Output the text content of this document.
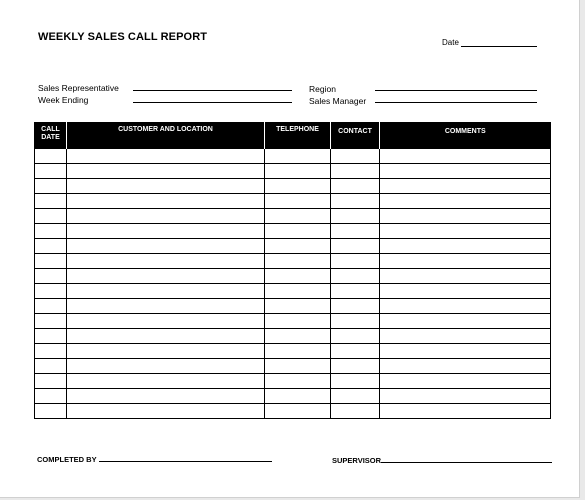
WEEKLY SALES CALL REPORT	Date
Sales Representative
Week Ending
Region
Sales Manager
CALL
DATE	CUSTOMER AND LOCATION	TELEPHONE	CONTACT	COMMENTS

COMPLETED BY	SUPERVISOR
